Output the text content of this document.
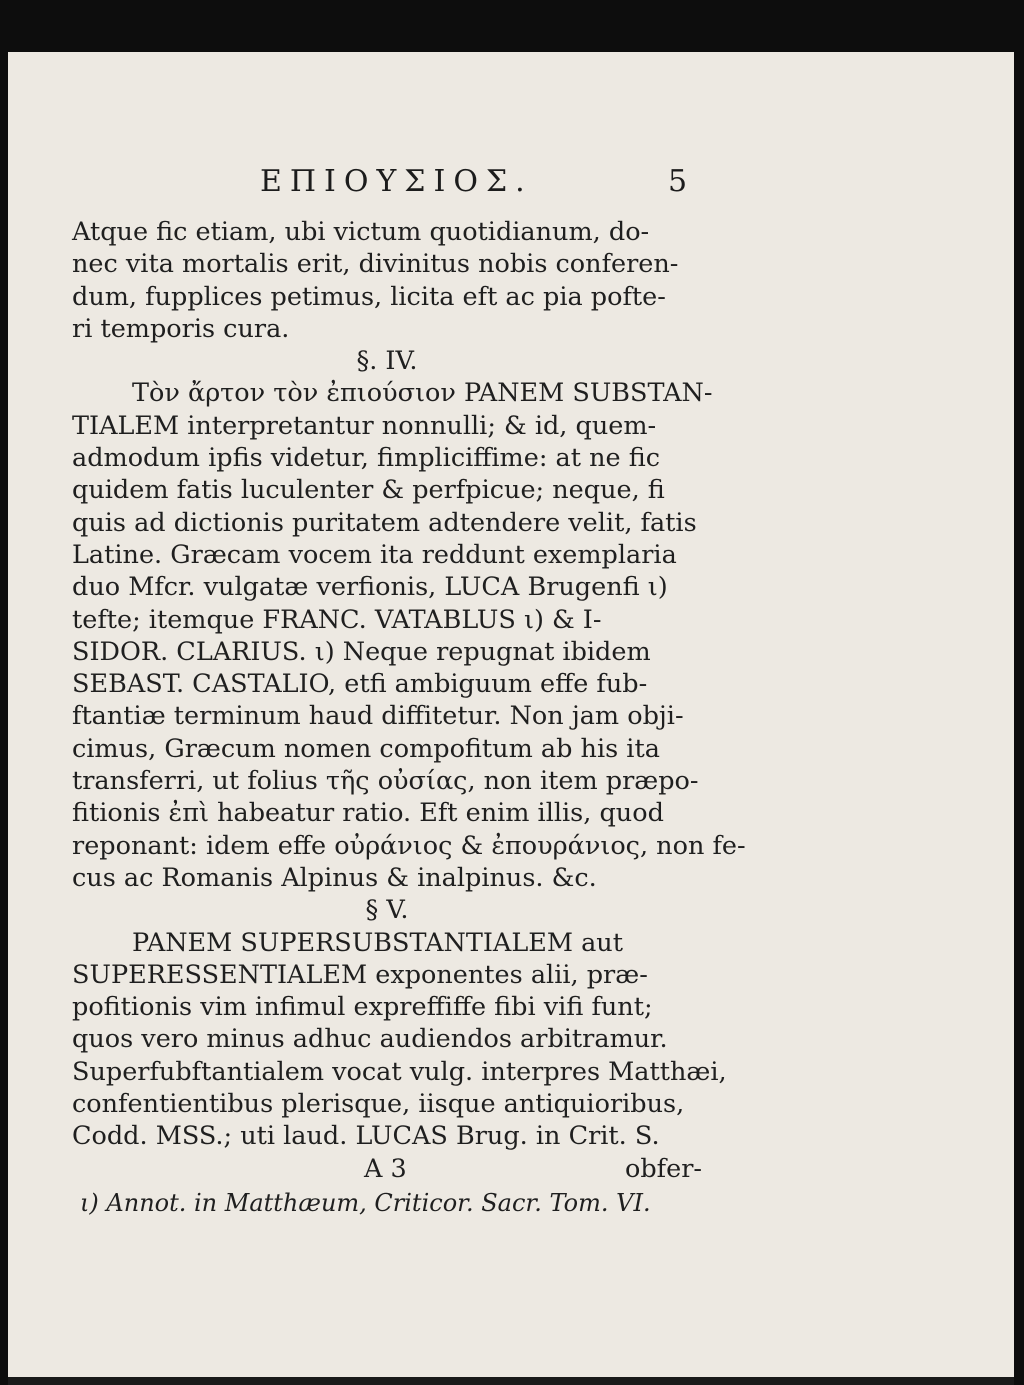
ΕΠΙΟΥΣΙΟΣ.	5
Atque fic etiam, ubi victum quotidianum, do-
nec vita mortalis erit, divinitus nobis conferen-
dum, fupplices petimus, licita eft ac pia pofte-
ri temporis cura.
§. IV.
Τὸν ἄρτον τὸν ἐπιούσιον PANEM SUBSTAN-
TIALEM interpretantur nonnulli; & id, quem-
admodum ipfis videtur, fimpliciffime: at ne fic
quidem fatis luculenter & perfpicue; neque, fi
quis ad dictionis puritatem adtendere velit, fatis
Latine. Græcam vocem ita reddunt exemplaria
duo Mfcr. vulgatæ verfionis, LUCA Brugenfi ι)
tefte; itemque FRANC. VATABLUS ι) & I-
SIDOR. CLARIUS. ι) Neque repugnat ibidem
SEBAST. CASTALIO, etfi ambiguum effe fub-
ftantiæ terminum haud diffitetur. Non jam obji-
cimus, Græcum nomen compofitum ab his ita
transferri, ut folius τῆς οὐσίας, non item præpo-
fitionis ἐπὶ habeatur ratio. Eft enim illis, quod
reponant: idem effe οὐράνιος & ἐπουράνιος, non fe-
cus ac Romanis Alpinus & inalpinus. &c.
§ V.
PANEM SUPERSUBSTANTIALEM aut
SUPERESSENTIALEM exponentes alii, præ-
pofitionis vim infimul expreffiffe fibi vifi funt;
quos vero minus adhuc audiendos arbitramur.
Superfubftantialem vocat vulg. interpres Matthæi,
confentientibus plerisque, iisque antiquioribus,
Codd. MSS.; uti laud. LUCAS Brug. in Crit. S.
A 3	obfer-
ι) Annot. in Matthæum, Criticor. Sacr. Tom. VI.
